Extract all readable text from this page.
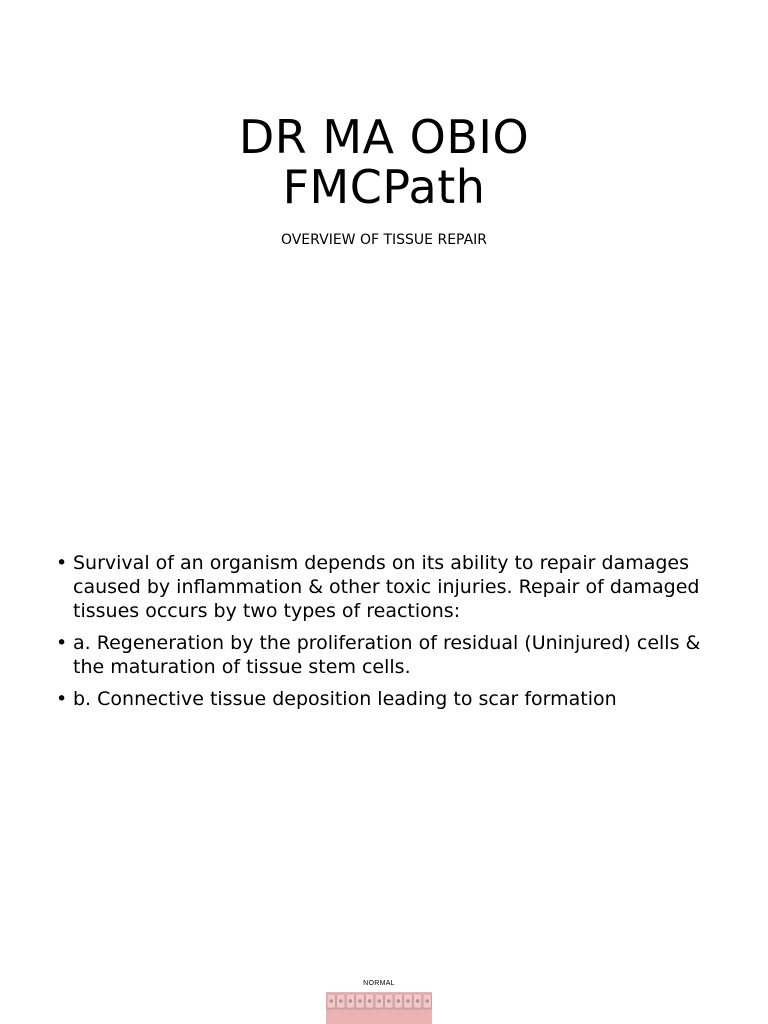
DR MA OBIO
FMCPath
OVERVIEW OF TISSUE REPAIR
• Survival of an organism depends on its ability to repair damages caused by inflammation & other toxic injuries. Repair of damaged tissues occurs by two types of reactions:
• a. Regeneration by the proliferation of residual (Uninjured) cells & the maturation of tissue stem cells.
• b. Connective tissue deposition leading to scar formation
NORMAL
